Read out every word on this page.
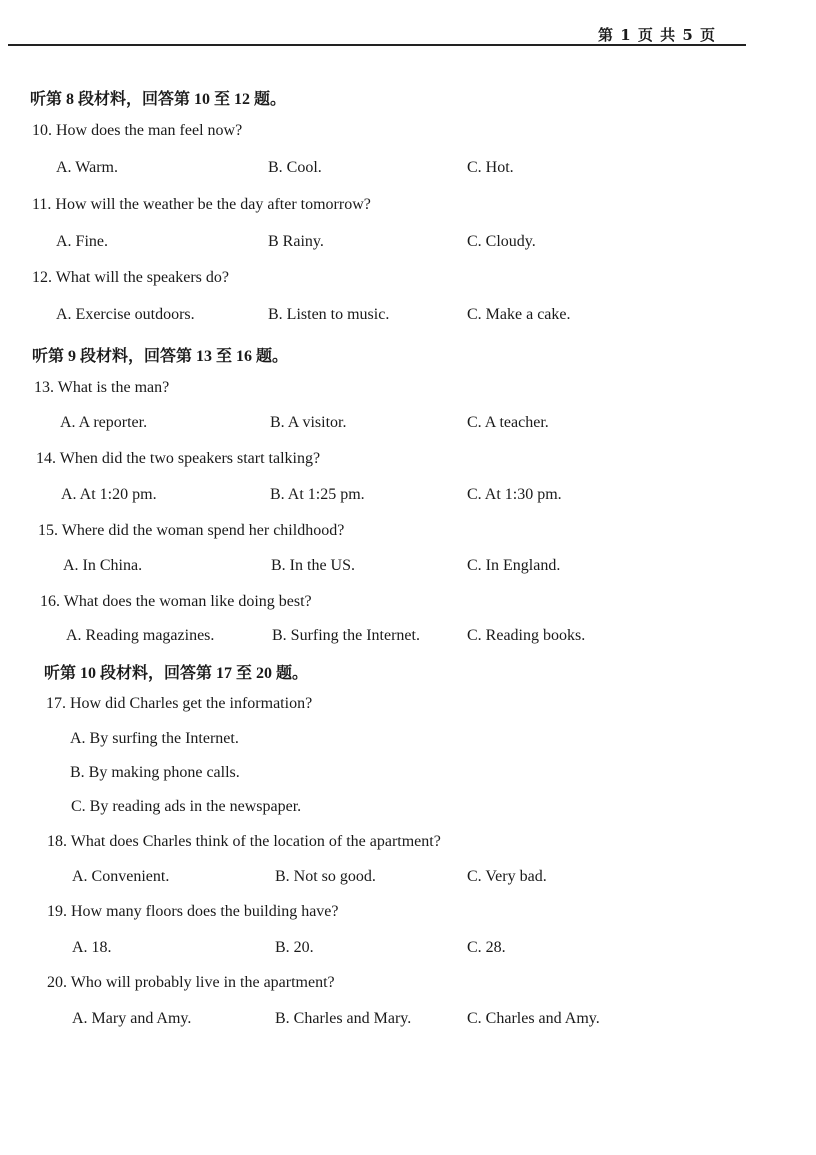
第 1 页 共 5 页
听第 8 段材料，回答第 10 至 12 题。
10. How does the man feel now?
A. Warm.	B. Cool.	C. Hot.
11. How will the weather be the day after tomorrow?
A. Fine.	B Rainy.	C. Cloudy.
12. What will the speakers do?
A. Exercise outdoors.	B. Listen to music.	C. Make a cake.
听第 9 段材料，回答第 13 至 16 题。
13. What is the man?
A. A reporter.	B. A visitor.	C. A teacher.
14. When did the two speakers start talking?
A. At 1:20 pm.	B. At 1:25 pm.	C. At 1:30 pm.
15. Where did the woman spend her childhood?
A. In China.	B. In the US.	C. In England.
16. What does the woman like doing best?
A. Reading magazines.	B. Surfing the Internet.	C. Reading books.
听第 10 段材料，回答第 17 至 20 题。
17. How did Charles get the information?
A. By surfing the Internet.
B. By making phone calls.
C. By reading ads in the newspaper.
18. What does Charles think of the location of the apartment?
A. Convenient.	B. Not so good.	C. Very bad.
19. How many floors does the building have?
A. 18.	B. 20.	C. 28.
20. Who will probably live in the apartment?
A. Mary and Amy.	B. Charles and Mary.	C. Charles and Amy.
